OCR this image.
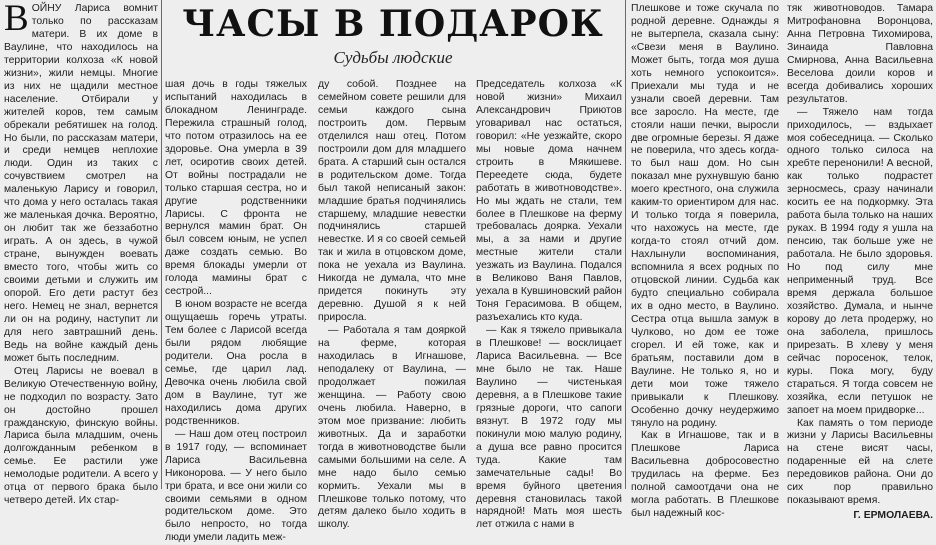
ЧАСЫ В ПОДАРОК
Судьбы людские

ВОЙНУ Лариса вомнит только по рассказам матери. В их доме в Ваулине, что находилось на территории колхоза «К новой жизни», жили немцы. Многие из них не щадили местное население. Отбирали у жителей коров, тем самым обрекали ребятишек на голод. Но были, по рассказам матери, и среди немцев неплохие люди. Один из таких с сочувствием смотрел на маленькую Ларису и говорил, что дома у него осталась такая же маленькая дочка. Вероятно, он любит так же беззаботно играть. А он здесь, в чужой стране, вынужден воевать вместо того, чтобы жить со своими детьми и служить им опорой. Его дети растут без него. Немец не знал, вернется ли он на родину, наступит ли для него завтрашний день. Ведь на войне каждый день может быть последним.

Отец Ларисы не воевал в Великую Отечественную войну, не подходил по возрасту. Зато он достойно прошел гражданскую, финскую войны. Лариса была младшим, очень долгожданным ребенком в семье. Ее растили уже немолодые родители. А всего у отца от первого брака было четверо детей. Их стар-

шая дочь в годы тяжелых испытаний находилась в блокадном Ленинграде. Пережила страшный голод, что потом отразилось на ее здоровье. Она умерла в 39 лет, осиротив своих детей. От войны пострадали не только старшая сестра, но и другие родственники Ларисы. С фронта не вернулся мамин брат. Он был совсем юным, не успел даже создать семью. Во время блокады умерли от голода мамины брат с сестрой...

В юном возрасте не всегда ощущаешь горечь утраты. Тем более с Ларисой всегда были рядом любящие родители. Она росла в семье, где царил лад. Девочка очень любила свой дом в Ваулине, тут же находились дома других родственников.

— Наш дом отец построил в 1917 году, — вспоминает Лариса Васильевна Никонорова. — У него было три брата, и все они жили со своими семьями в одном родительском доме. Это было непросто, но тогда люди умели ладить меж-

ду собой. Позднее на семейном совете решили для семьи каждого сына построить дом. Первым отделился наш отец. Потом построили дом для младшего брата. А старший сын остался в родительском доме. Тогда был такой неписаный закон: младшие братья подчинялись старшему, младшие невестки подчинялись старшей невестке. И я со своей семьей так и жила в отцовском доме, пока не уехала из Ваулина. Никогда не думала, что мне придется покинуть эту деревню. Душой я к ней приросла.

— Работала я там дояркой на ферме, которая находилась в Игнашове, неподалеку от Ваулина, — продолжает пожилая женщина. — Работу свою очень любила. Наверно, в этом мое призвание: любить животных. Да и заработки тогда в животноводстве были самыми большими на селе. А мне надо было семью кормить. Уехали мы в Плешкове только потому, что детям далеко было ходить в школу.

Председатель колхоза «К новой жизни» Михаил Александрович Приютов уговаривал нас остаться, говорил: «Не уезжайте, скоро мы новые дома начнем строить в Мякишеве. Переедете сюда, будете работать в животноводстве». Но мы ждать не стали, тем более в Плешкове на ферму требовалась доярка. Уехали мы, а за нами и другие местные жители стали уезжать из Ваулина. Подался в Великово Ваня Павлов, уехала в Кувшиновский район Тоня Герасимова. В общем, разъехались кто куда.

— Как я тяжело привыкала в Плешкове! — восклицает Лариса Васильевна. — Все мне было не так. Наше Ваулино — чистенькая деревня, а в Плешкове такие грязные дороги, что сапоги вязнут. В 1972 году мы покинули мою малую родину, а душа все равно просится туда. Какие там замечательные сады! Во время буйного цветения деревня становилась такой нарядной! Мать моя шесть лет отжила с нами в

Плешкове и тоже скучала по родной деревне. Однажды я не вытерпела, сказала сыну: «Свези меня в Ваулино. Может быть, тогда моя душа хоть немного успокоится». Приехали мы туда и не узнали своей деревни. Там все заросло. На месте, где стояли наши печки, выросли две огромные березы. Я даже не поверила, что здесь когда-то был наш дом. Но сын показал мне рухнувшую баню моего крестного, она служила каким-то ориентиром для нас. И только тогда я поверила, что нахожусь на месте, где когда-то стоял отчий дом. Нахлынули воспоминания, вспомнила я всех родных по отцовской линии. Судьба как будто специально собирала их в одно место, в Ваулино. Сестра отца вышла замуж в Чулково, но дом ее тоже сгорел. И ей тоже, как и братьям, поставили дом в Ваулине. Не только я, но и дети мои тоже тяжело привыкали к Плешкову. Особенно дочку неудержимо тянуло на родину.

Как в Игнашове, так и в Плешкове Лариса Васильевна добросовестно трудилась на ферме. Без полной самоотдачи она не могла работать. В Плешкове был надежный кос-

тяк животноводов. Тамара Митрофановна Воронцова, Анна Петровна Тихомирова, Зинаида Павловна Смирнова, Анна Васильевна Веселова доили коров и всегда добивались хороших результатов.

— Тяжело нам тогда приходилось, — вздыхает моя собеседница. — Сколько одного только силоса на хребте перенонили! А весной, как только подрастет зерносмесь, сразу начинали косить ее на подкормку. Эта работа была только на наших руках. В 1994 году я ушла на пенсию, так больше уже не работала. Не было здоровья. Но под силу мне неприменный труд. Все время держала большое хозяйство. Думала, и нынче корову до лета продержу, но она заболела, пришлось прирезать. В хлеву у меня сейчас поросенок, телок, куры. Пока могу, буду стараться. Я тогда совсем не хозяйка, если петушок не запоет на моем придворке...

Как память о том периоде жизни у Ларисы Васильевны на стене висят часы, подаренные ей на слете передовиков района. Они до сих пор правильно показывают время.

Г. ЕРМОЛАЕВА.
